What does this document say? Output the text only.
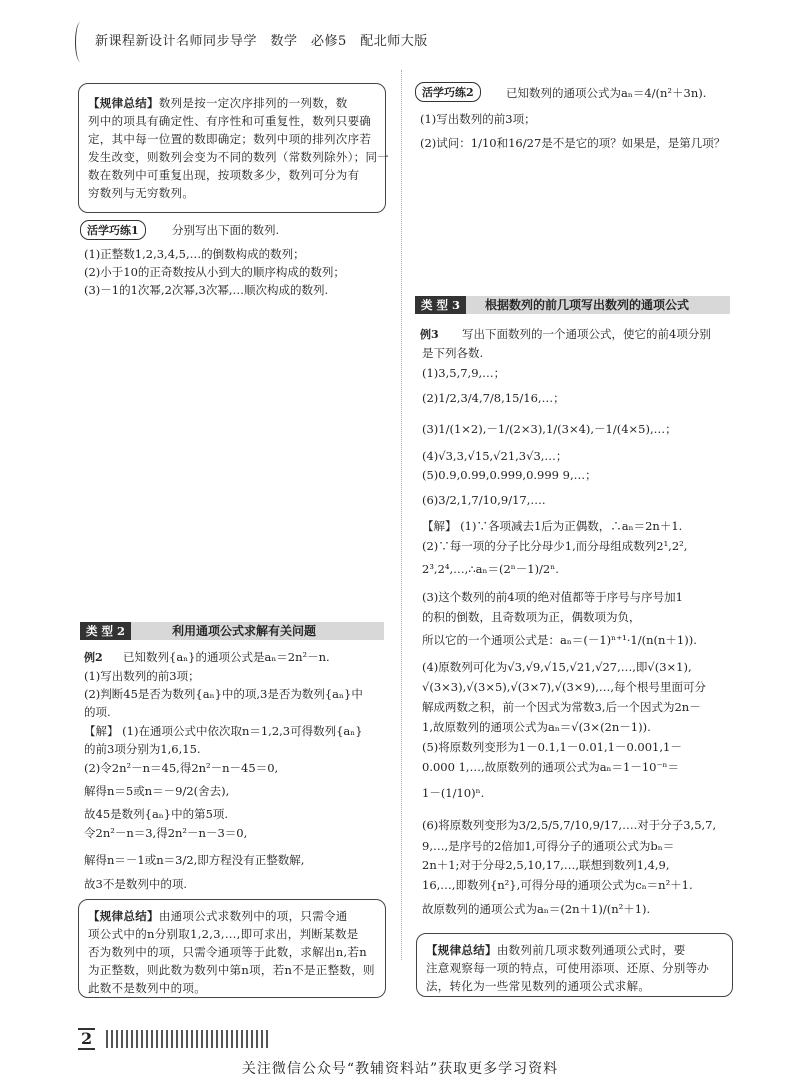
新课程新设计名师同步导学　数学　必修5　配北师大版
【规律总结】数列是按一定次序排列的一列数，数
列中的项具有确定性、有序性和可重复性，数列只要确
定，其中每一位置的数即确定；数列中项的排列次序若
发生改变，则数列会变为不同的数列（常数列除外）；同一
数在数列中可重复出现，按项数多少，数列可分为有
穷数列与无穷数列。
活学巧练1	分别写出下面的数列.
(1)正整数1,2,3,4,5,…的倒数构成的数列；
(2)小于10的正奇数按从小到大的顺序构成的数列；
(3)－1的1次幂,2次幂,3次幂,…顺次构成的数列.
类 型 2	利用通项公式求解有关问题
例2 已知数列{aₙ}的通项公式是aₙ＝2n²－n.
(1)写出数列的前3项；
(2)判断45是否为数列{aₙ}中的项,3是否为数列{aₙ}中
的项.
【解】 (1)在通项公式中依次取n＝1,2,3可得数列{aₙ}
的前3项分别为1,6,15.
(2)令2n²－n＝45,得2n²－n－45＝0,
解得n＝5或n＝－9/2(舍去),
故45是数列{aₙ}中的第5项.
令2n²－n＝3,得2n²－n－3＝0,
解得n＝－1或n＝3/2,即方程没有正整数解,
故3不是数列中的项.
【规律总结】由通项公式求数列中的项，只需令通
项公式中的n分别取1,2,3,…,即可求出，判断某数是
否为数列中的项，只需令通项等于此数，求解出n,若n
为正整数，则此数为数列中第n项，若n不是正整数，则
此数不是数列中的项。
活学巧练2	已知数列的通项公式为aₙ＝4/(n²＋3n).
(1)写出数列的前3项；
(2)试问：1/10和16/27是不是它的项？如果是，是第几项？
类 型 3	根据数列的前几项写出数列的通项公式
例3 写出下面数列的一个通项公式，使它的前4项分别
是下列各数.
(1)3,5,7,9,…；
(2)1/2,3/4,7/8,15/16,…；
(3)1/(1×2),－1/(2×3),1/(3×4),－1/(4×5),…；
(4)√3,3,√15,√21,3√3,…；
(5)0.9,0.99,0.999,0.999 9,…；
(6)3/2,1,7/10,9/17,….
【解】 (1)∵各项减去1后为正偶数，∴aₙ＝2n＋1.
(2)∵每一项的分子比分母少1,而分母组成数列2¹,2²,
2³,2⁴,…,∴aₙ＝(2ⁿ－1)/2ⁿ.
(3)这个数列的前4项的绝对值都等于序号与序号加1
的积的倒数，且奇数项为正，偶数项为负，
所以它的一个通项公式是：aₙ＝(－1)ⁿ⁺¹·1/(n(n＋1)).
(4)原数列可化为√3,√9,√15,√21,√27,…,即√(3×1),
√(3×3),√(3×5),√(3×7),√(3×9),…,每个根号里面可分
解成两数之积，前一个因式为常数3,后一个因式为2n－
1,故原数列的通项公式为aₙ＝√(3×(2n－1)).
(5)将原数列变形为1－0.1,1－0.01,1－0.001,1－
0.000 1,…,故原数列的通项公式为aₙ＝1－10⁻ⁿ＝
1－(1/10)ⁿ.
(6)将原数列变形为3/2,5/5,7/10,9/17,….对于分子3,5,7,
9,…,是序号的2倍加1,可得分子的通项公式为bₙ＝
2n＋1;对于分母2,5,10,17,…,联想到数列1,4,9,
16,…,即数列{n²},可得分母的通项公式为cₙ＝n²＋1.
故原数列的通项公式为aₙ＝(2n＋1)/(n²＋1).
【规律总结】由数列前几项求数列通项公式时，要
注意观察每一项的特点，可使用添项、还原、分别等办
法，转化为一些常见数列的通项公式求解。
2
关注微信公众号“教辅资料站”获取更多学习资料
